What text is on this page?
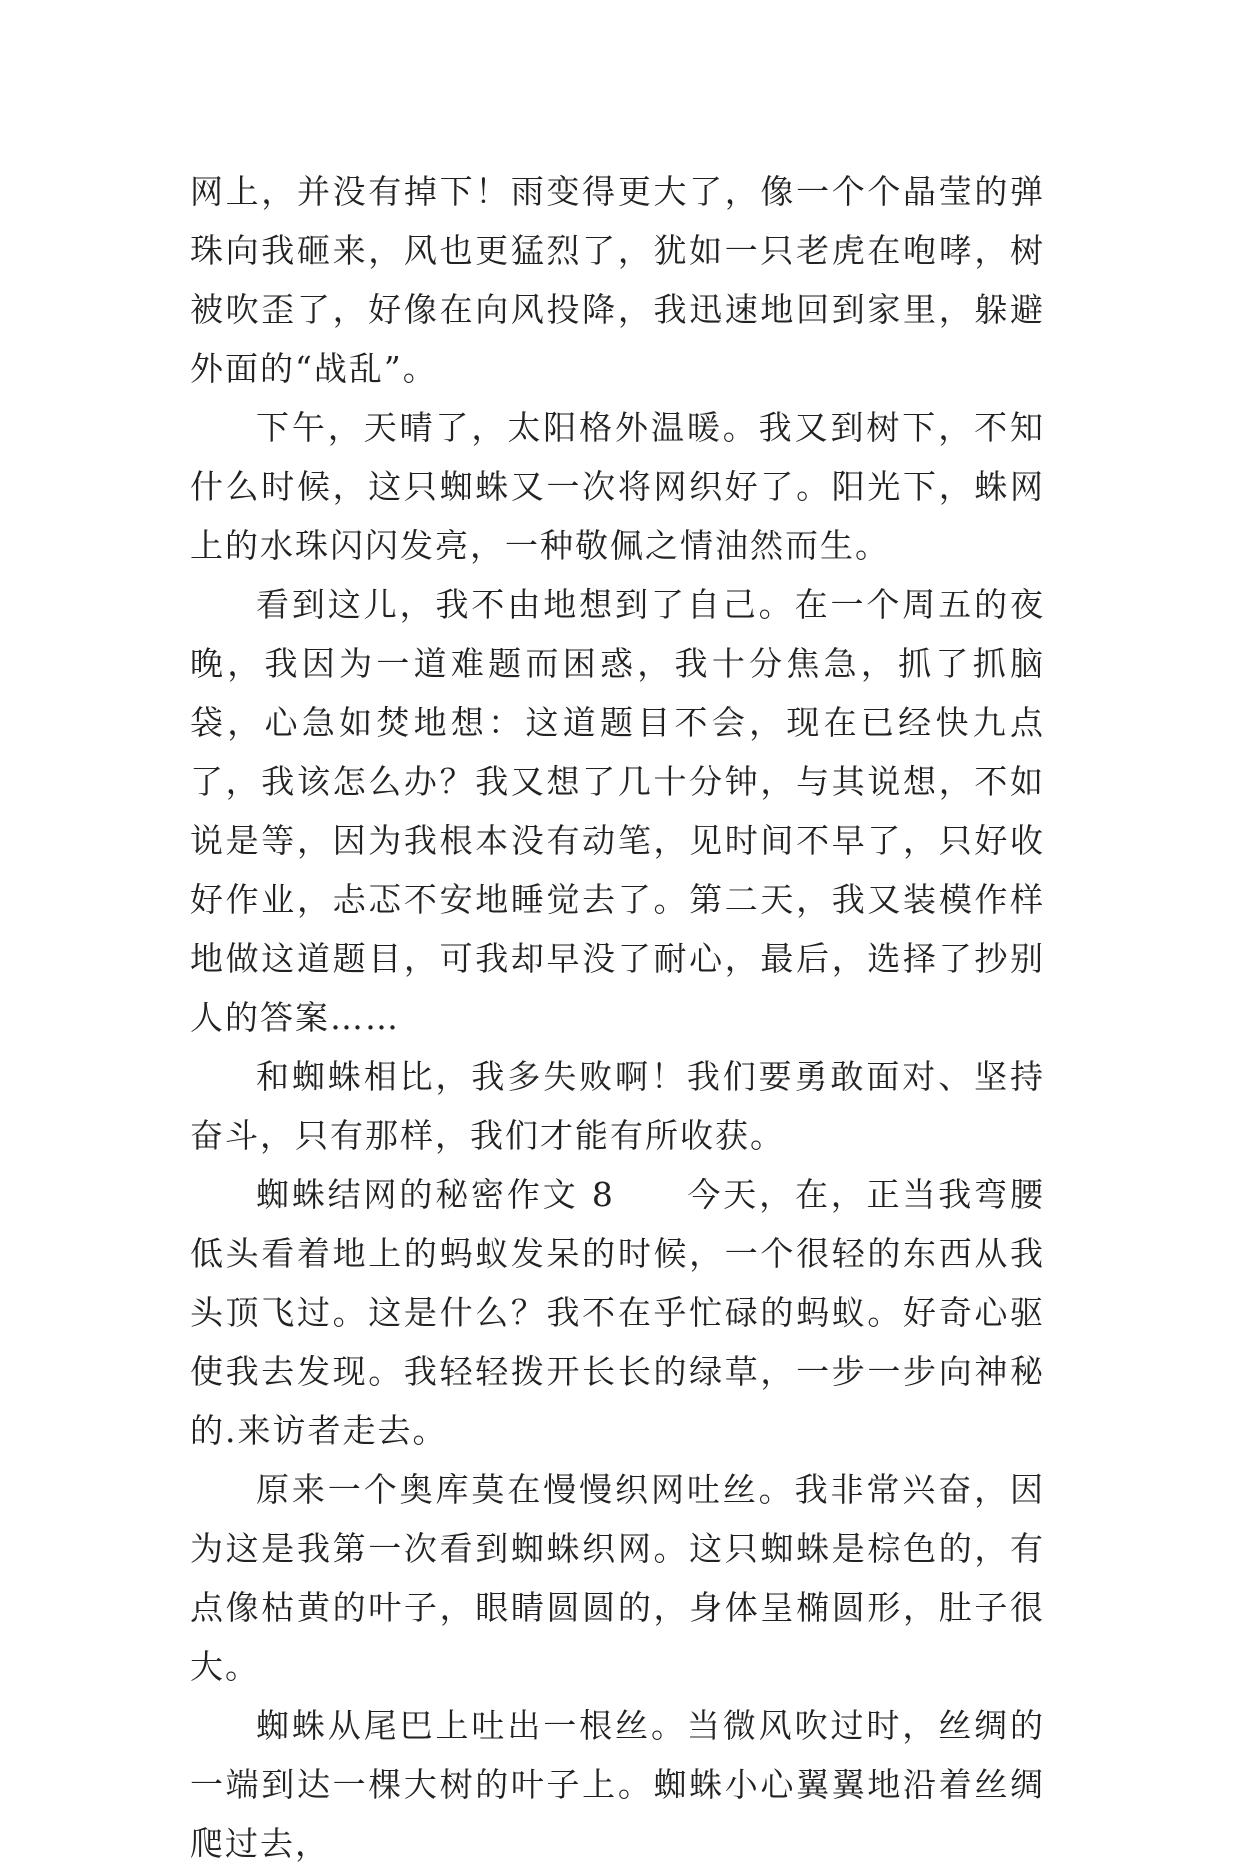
网上，并没有掉下！雨变得更大了，像一个个晶莹的弹珠向我砸来，风也更猛烈了，犹如一只老虎在咆哮，树被吹歪了，好像在向风投降，我迅速地回到家里，躲避外面的“战乱”。

下午，天晴了，太阳格外温暖。我又到树下，不知什么时候，这只蜘蛛又一次将网织好了。阳光下，蛛网上的水珠闪闪发亮，一种敬佩之情油然而生。

看到这儿，我不由地想到了自己。在一个周五的夜晚，我因为一道难题而困惑，我十分焦急，抓了抓脑袋，心急如焚地想：这道题目不会，现在已经快九点了，我该怎么办？我又想了几十分钟，与其说想，不如说是等，因为我根本没有动笔，见时间不早了，只好收好作业，忐忑不安地睡觉去了。第二天，我又装模作样地做这道题目，可我却早没了耐心，最后，选择了抄别人的答案……

和蜘蛛相比，我多失败啊！我们要勇敢面对、坚持奋斗，只有那样，我们才能有所收获。

蜘蛛结网的秘密作文 8　　今天，在，正当我弯腰低头看着地上的蚂蚁发呆的时候，一个很轻的东西从我头顶飞过。这是什么？我不在乎忙碌的蚂蚁。好奇心驱使我去发现。我轻轻拨开长长的绿草，一步一步向神秘的.来访者走去。

原来一个奥库莫在慢慢织网吐丝。我非常兴奋，因为这是我第一次看到蜘蛛织网。这只蜘蛛是棕色的，有点像枯黄的叶子，眼睛圆圆的，身体呈椭圆形，肚子很大。

蜘蛛从尾巴上吐出一根丝。当微风吹过时，丝绸的一端到达一棵大树的叶子上。蜘蛛小心翼翼地沿着丝绸爬过去，
